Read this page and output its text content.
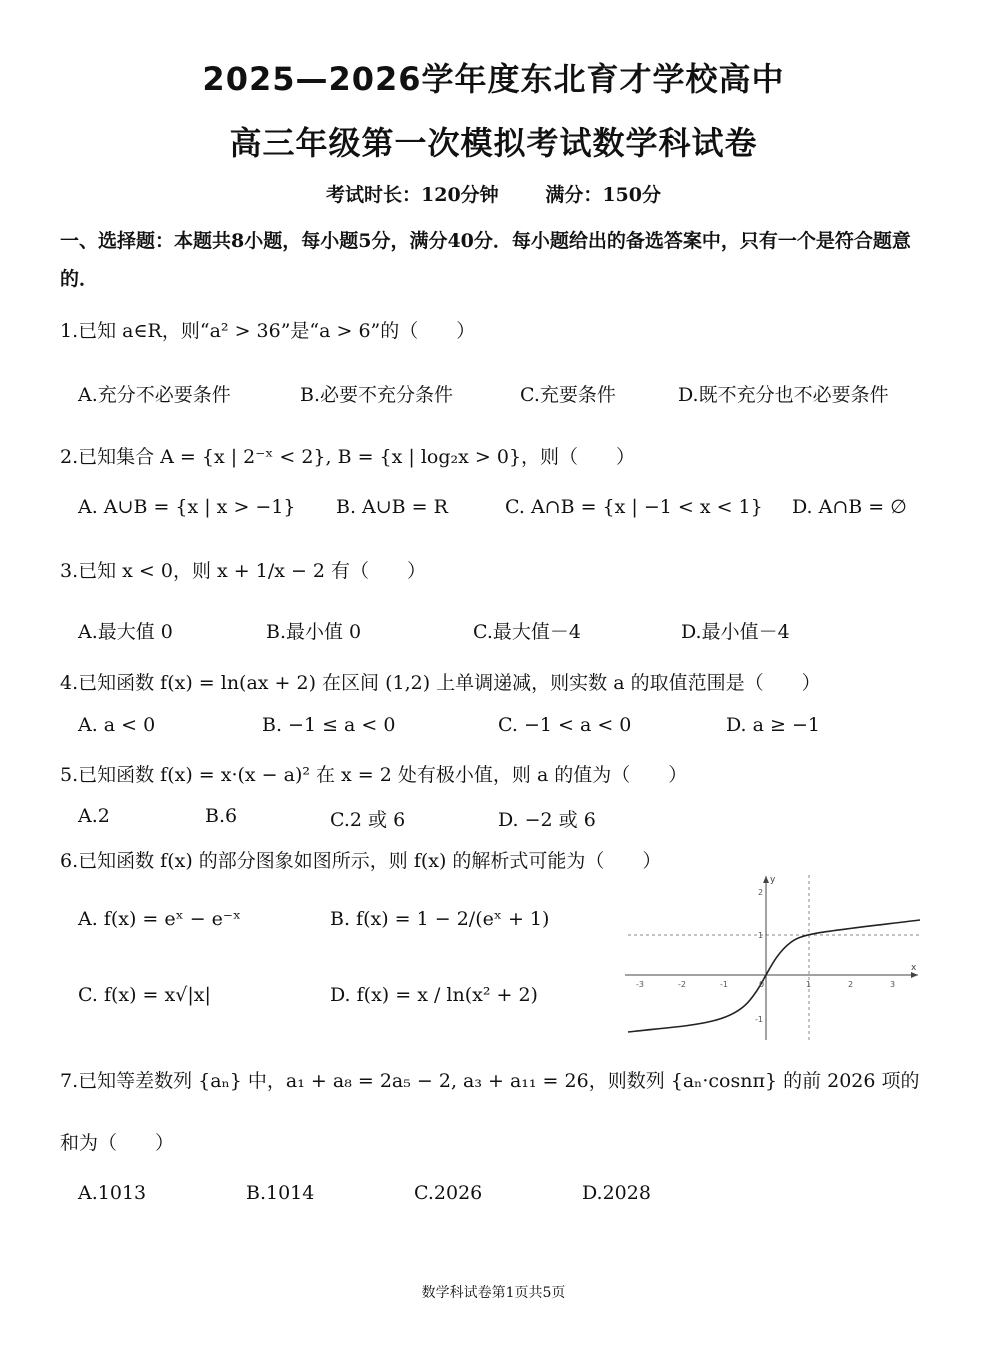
2025—2026学年度东北育才学校高中
高三年级第一次模拟考试数学科试卷
考试时长：120分钟 满分：150分
一、选择题：本题共8小题，每小题5分，满分40分．每小题给出的备选答案中，只有一个是符合题意的．
1.已知 a∈R，则“a² > 36”是“a > 6”的（　　）
A.充分不必要条件	B.必要不充分条件	C.充要条件	D.既不充分也不必要条件
2.已知集合 A = {x | 2⁻ˣ < 2}, B = {x | log₂x > 0}，则（　　）
A. A∪B = {x | x > −1} B. A∪B = R	C. A∩B = {x | −1 < x < 1} D. A∩B = ∅
3.已知 x < 0，则 x + 1/x − 2 有（　　）
A.最大值 0	B.最小值 0	C.最大值－4	D.最小值－4
4.已知函数 f(x) = ln(ax + 2) 在区间 (1,2) 上单调递减，则实数 a 的取值范围是（　　）
A. a < 0	B. −1 ≤ a < 0	C. −1 < a < 0	D. a ≥ −1
5.已知函数 f(x) = x·(x − a)² 在 x = 2 处有极小值，则 a 的值为（　　）
A.2	B.6	C.2 或 6	D. −2 或 6
6.已知函数 f(x) 的部分图象如图所示，则 f(x) 的解析式可能为（　　）
A. f(x) = eˣ − e⁻ˣ	B. f(x) = 1 − 2/(eˣ + 1)
C. f(x) = x√|x|	D. f(x) = x / ln(x² + 2)	-3	-2	-1	0	1	2	3
2
1
-1
x
y
7.已知等差数列 {aₙ} 中，a₁ + a₈ = 2a₅ − 2, a₃ + a₁₁ = 26，则数列 {aₙ·cosnπ} 的前 2026 项的
和为（　　）
A.1013	B.1014	C.2026	D.2028
数学科试卷第1页共5页
